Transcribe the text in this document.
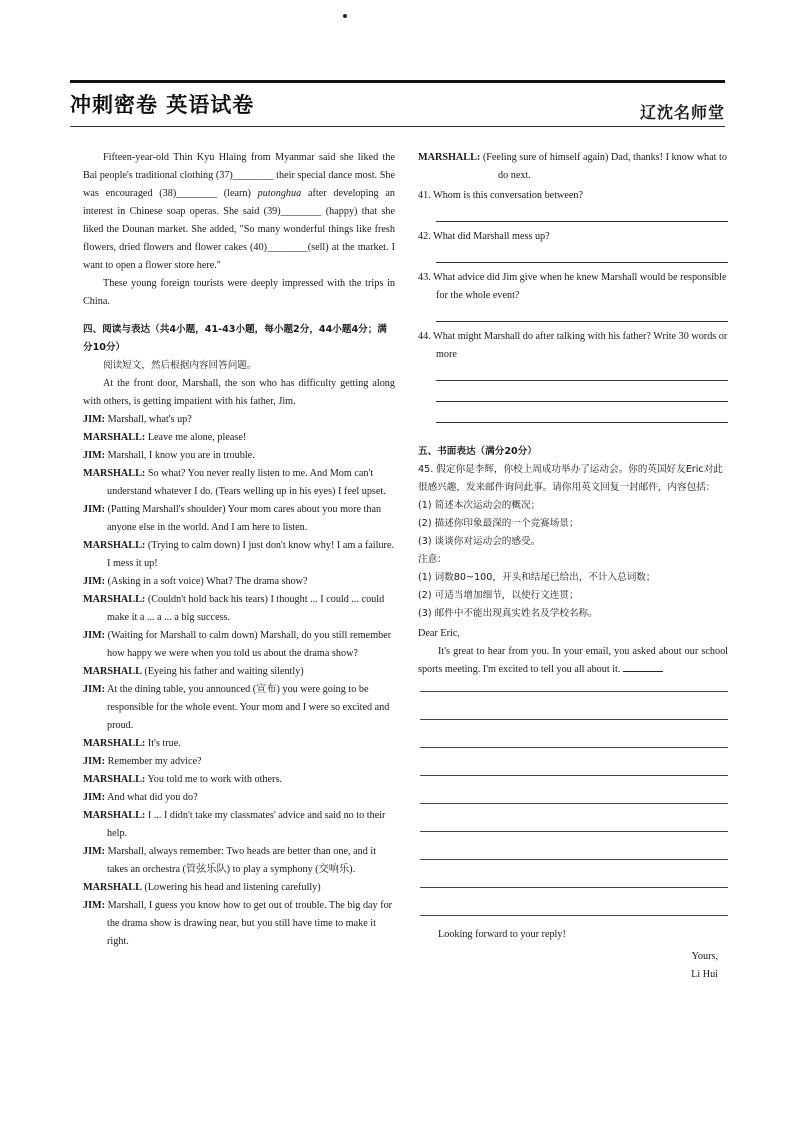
冲刺密卷 英语试卷	辽沈名师堂

Fifteen-year-old Thin Kyu Hlaing from Myanmar said she liked the Bai people's traditional clothing (37)________ their special dance most. She was encouraged (38)________ (learn) putonghua after developing an interest in Chinese soap operas. She said (39)________ (happy) that she liked the Dounan market. She added, "So many wonderful things like fresh flowers, dried flowers and flower cakes (40)________(sell) at the market. I want to open a flower store here."

These young foreign tourists were deeply impressed with the trips in China.

四、阅读与表达（共4小题，41-43小题，每小题2分，44小题4分；满分10分）

阅读短文，然后根据内容回答问题。

At the front door, Marshall, the son who has difficulty getting along with others, is getting impatient with his father, Jim.

JIM: Marshall, what's up?

MARSHALL: Leave me alone, please!

JIM: Marshall, I know you are in trouble.

MARSHALL: So what? You never really listen to me. And Mom can't understand whatever I do. (Tears welling up in his eyes) I feel upset.

JIM: (Patting Marshall's shoulder) Your mom cares about you more than anyone else in the world. And I am here to listen.

MARSHALL: (Trying to calm down) I just don't know why! I am a failure. I mess it up!

JIM: (Asking in a soft voice) What? The drama show?

MARSHALL: (Couldn't hold back his tears) I thought ... I could ... could make it a ... a ... a big success.

JIM: (Waiting for Marshall to calm down) Marshall, do you still remember how happy we were when you told us about the drama show?

MARSHALL (Eyeing his father and waiting silently)

JIM: At the dining table, you announced (宣布) you were going to be responsible for the whole event. Your mom and I were so excited and proud.

MARSHALL: It's true.

JIM: Remember my advice?

MARSHALL: You told me to work with others.

JIM: And what did you do?

MARSHALL: I ... I didn't take my classmates' advice and said no to their help.

JIM: Marshall, always remember: Two heads are better than one, and it takes an orchestra (管弦乐队) to play a symphony (交响乐).

MARSHALL (Lowering his head and listening carefully)

JIM: Marshall, I guess you know how to get out of trouble. The big day for the drama show is drawing near, but you still have time to make it right.

MARSHALL: (Feeling sure of himself again) Dad, thanks! I know what to do next.

41. Whom is this conversation between?

42. What did Marshall mess up?

43. What advice did Jim give when he knew Marshall would be responsible for the whole event?

44. What might Marshall do after talking with his father? Write 30 words or more

五、书面表达（满分20分）

45. 假定你是李辉，你校上周成功举办了运动会。你的英国好友Eric对此很感兴趣，发来邮件询问此事。请你用英文回复一封邮件，内容包括：

(1) 简述本次运动会的概况；

(2) 描述你印象最深的一个竞赛场景；

(3) 谈谈你对运动会的感受。

注意：

(1) 词数80~100，开头和结尾已给出，不计入总词数；

(2) 可适当增加细节，以使行文连贯；

(3) 邮件中不能出现真实姓名及学校名称。

Dear Eric,

It's great to hear from you. In your email, you asked about our school sports meeting. I'm excited to tell you all about it.

Looking forward to your reply!

Yours,

Li Hui
